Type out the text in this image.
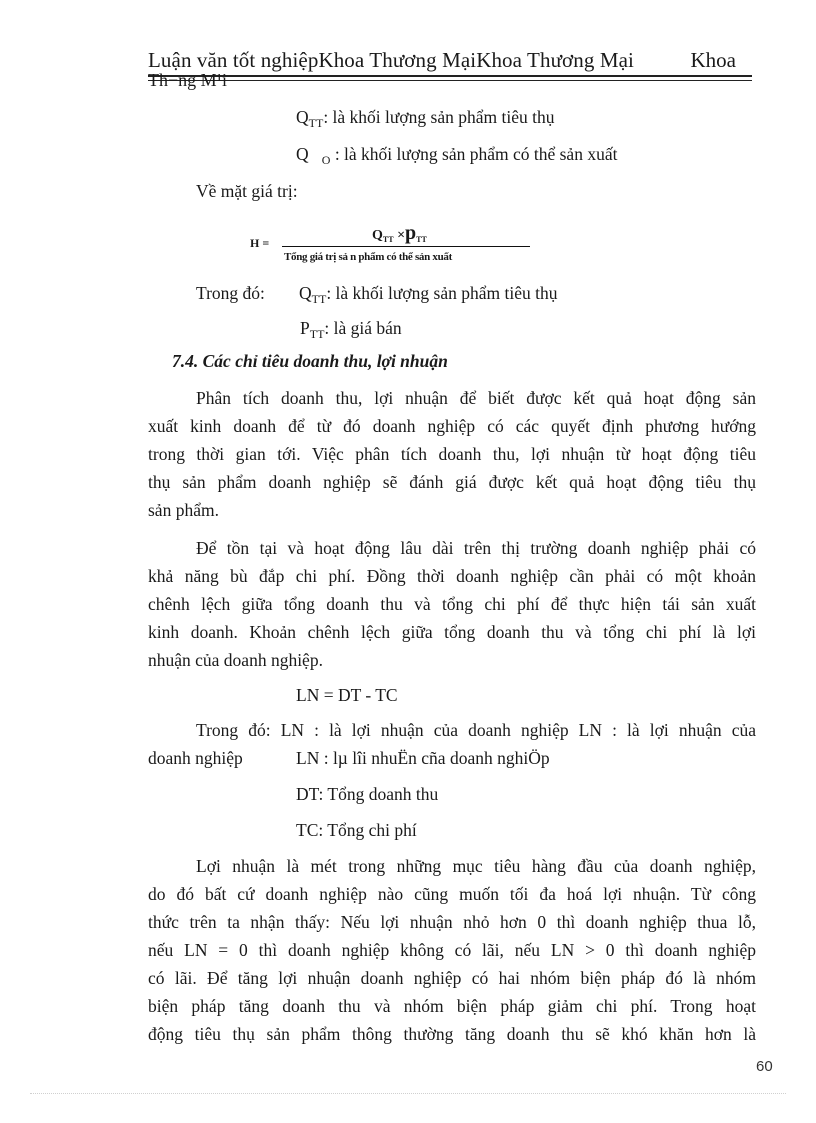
Luận văn tốt nghiệpKhoa Thương MạiKhoa Thương Mại	Khoa
Th−ng M¹i
$Q_{TT}$: là khối lượng sản phẩm tiêu thụ
Q $_O$ : là khối lượng sản phẩm có thể sản xuất
Về mặt giá trị:
H =	$Q_{TT} \times p_{TT}$
Tổng giá trị sả n phẩm có thể sản xuất
Trong đó: $Q_{TT}$: là khối lượng sản phẩm tiêu thụ
$P_{TT}$: là giá bán
7.4. Các chỉ tiêu doanh thu, lợi nhuận
Phân tích doanh thu, lợi nhuận để biết được kết quả hoạt động sản
xuất kinh doanh để từ đó doanh nghiệp có các quyết định phương hướng
trong thời gian tới. Việc phân tích doanh thu, lợi nhuận từ hoạt động tiêu
thụ sản phẩm doanh nghiệp sẽ đánh giá được kết quả hoạt động tiêu thụ
sản phẩm.
Để tồn tại và hoạt động lâu dài trên thị trường doanh nghiệp phải có
khả năng bù đắp chi phí. Đồng thời doanh nghiệp cần phải có một khoản
chênh lệch giữa tổng doanh thu và tổng chi phí để thực hiện tái sản xuất
kinh doanh. Khoản chênh lệch giữa tổng doanh thu và tổng chi phí là lợi
nhuận của doanh nghiệp.
LN = DT - TC
Trong đó: LN : là lợi nhuận của doanh nghiệp LN : là lợi nhuận của
doanh nghiệp	LN : lµ lîi nhuËn cña doanh nghiÖp
DT: Tổng doanh thu
TC: Tổng chi phí
Lợi nhuận là mét trong những mục tiêu hàng đầu của doanh nghiệp,
do đó bất cứ doanh nghiệp nào cũng muốn tối đa hoá lợi nhuận. Từ công
thức trên ta nhận thấy: Nếu lợi nhuận nhỏ hơn 0 thì doanh nghiệp thua lỗ,
nếu LN = 0 thì doanh nghiệp không có lãi, nếu LN > 0 thì doanh nghiệp
có lãi. Để tăng lợi nhuận doanh nghiệp có hai nhóm biện pháp đó là nhóm
biện pháp tăng doanh thu và nhóm biện pháp giảm chi phí. Trong hoạt
động tiêu thụ sản phẩm thông thường tăng doanh thu sẽ khó khăn hơn là
60
